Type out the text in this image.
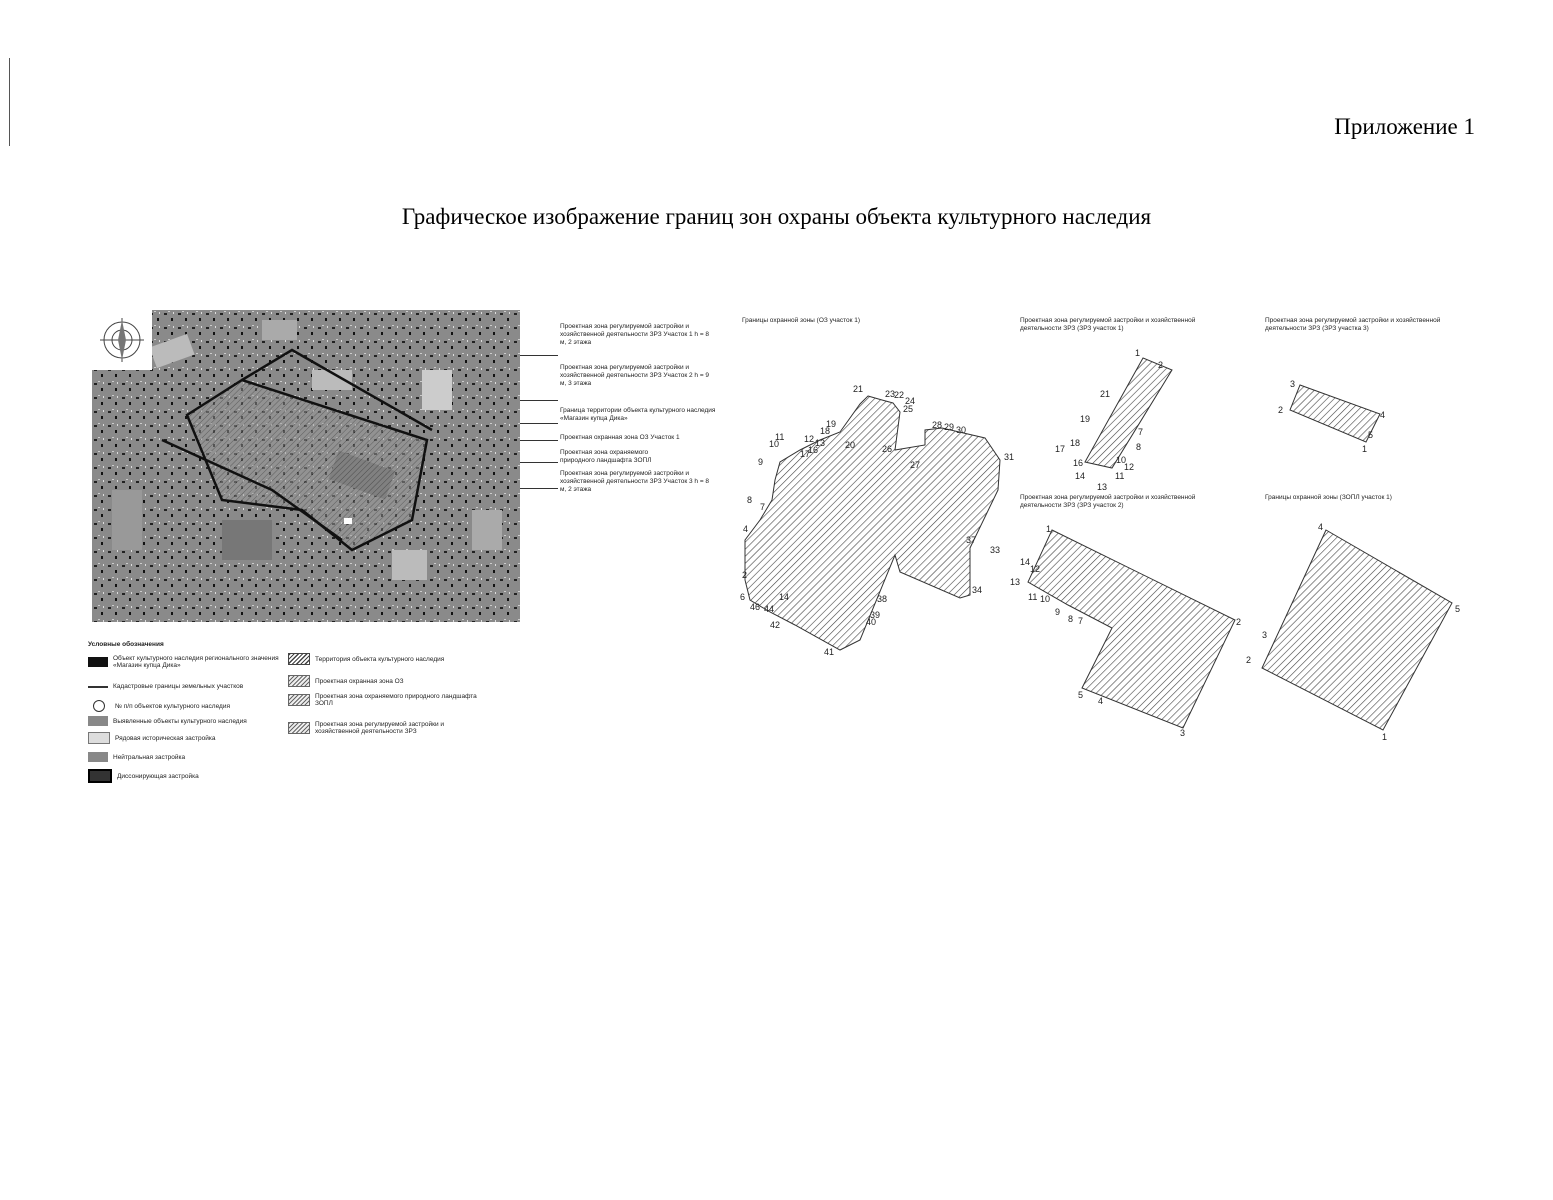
Приложение 1
Графическое изображение границ зон охраны объекта культурного наследия
Проектная зона регулируемой застройки и хозяйственной деятельности ЗРЗ Участок 1 h = 8 м, 2 этажа
Проектная зона регулируемой застройки и хозяйственной деятельности ЗРЗ Участок 2 h = 9 м, 3 этажа
Граница территории объекта культурного наследия «Магазин купца Дика»
Проектная охранная зона ОЗ Участок 1
Проектная зона охраняемого природного ландшафта ЗОПЛ
Проектная зона регулируемой застройки и хозяйственной деятельности ЗРЗ Участок 3 h = 8 м, 2 этажа
Условные обозначения
Объект культурного наследия регионального значения «Магазин купца Дика»
Кадастровые границы земельных участков
№ п/п объектов культурного наследия
Выявленные объекты культурного наследия
Рядовая историческая застройка
Нейтральная застройка
Диссонирующая застройка
Территория объекта культурного наследия
Проектная охранная зона ОЗ
Проектная зона охраняемого природного ландшафта ЗОПЛ
Проектная зона регулируемой застройки и хозяйственной деятельности ЗРЗ
Границы охранной зоны (ОЗ участок 1)	Проектная зона регулируемой застройки и хозяйственной деятельности ЗРЗ (ЗРЗ участок 1)
Проектная зона регулируемой застройки и хозяйственной деятельности ЗРЗ (ЗРЗ участка 3)
Проектная зона регулируемой застройки и хозяйственной деятельности ЗРЗ (ЗРЗ участок 2)
Границы охранной зоны (ЗОПЛ участок 1)
21 23
24
25
22
28 29 30
31
26
27
19
18
11 12 13
10
16
17
20
9
8
7
4
2
6
46 44
42
14
41
38
39
40
37
33
34
1
2
21
19
7
8
18
17
10
12
16
11
14
13
3
2	4
5
1
1
14
12
13
11 10
9
8 7	2
5
4
3
4
5
3
2
1
